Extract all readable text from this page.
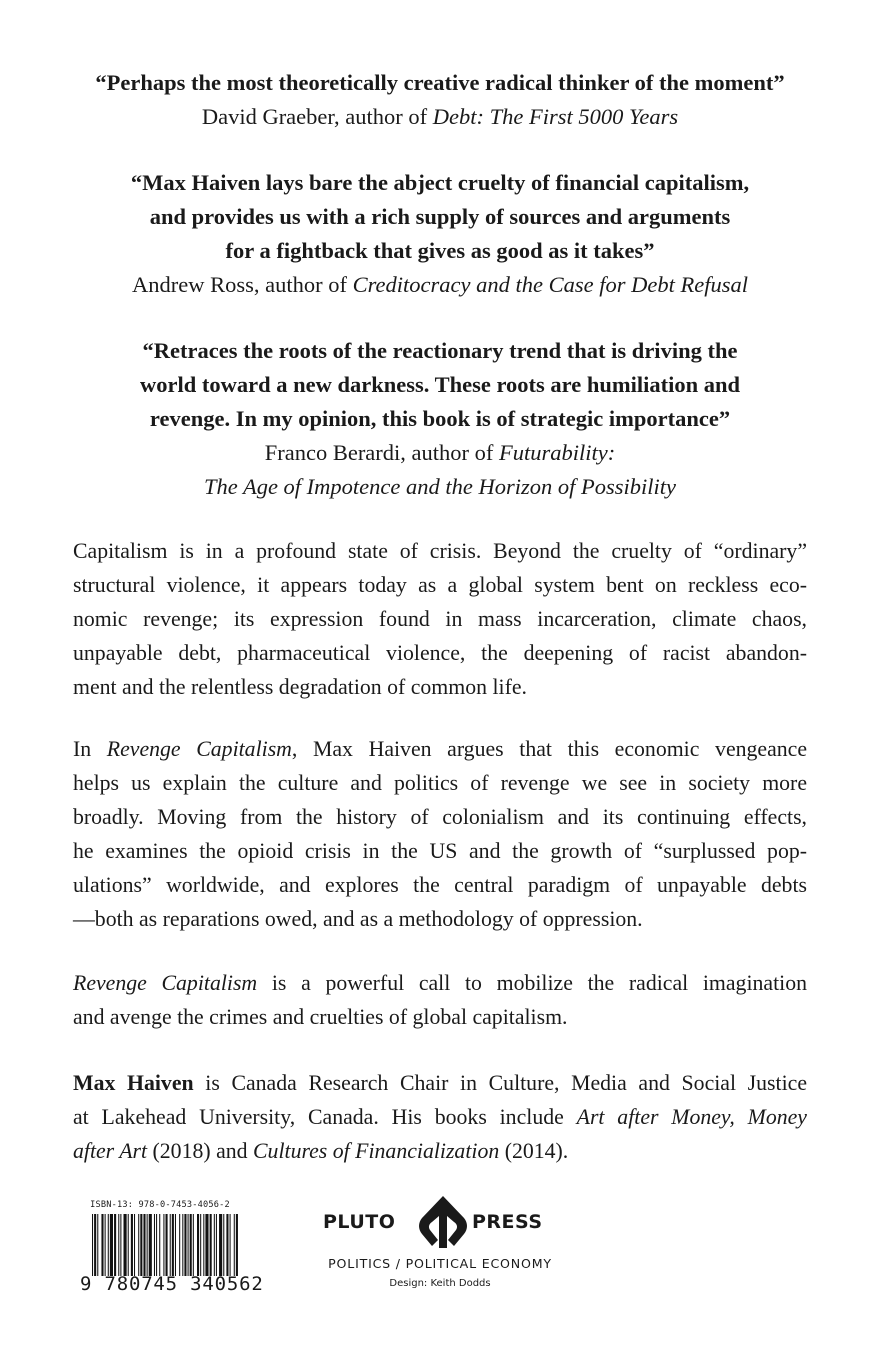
“Perhaps the most theoretically creative radical thinker of the moment”

David Graeber, author of Debt: The First 5000 Years

“Max Haiven lays bare the abject cruelty of financial capitalism,
and provides us with a rich supply of sources and arguments
for a fightback that gives as good as it takes”

Andrew Ross, author of Creditocracy and the Case for Debt Refusal

“Retraces the roots of the reactionary trend that is driving the
world toward a new darkness. These roots are humiliation and
revenge. In my opinion, this book is of strategic importance”

Franco Berardi, author of Futurability:
The Age of Impotence and the Horizon of Possibility

Capitalism is in a profound state of crisis. Beyond the cruelty of “ordinary”
structural violence, it appears today as a global system bent on reckless eco-
nomic revenge; its expression found in mass incarceration, climate chaos,
unpayable debt, pharmaceutical violence, the deepening of racist abandon-
ment and the relentless degradation of common life.
In Revenge Capitalism, Max Haiven argues that this economic vengeance
helps us explain the culture and politics of revenge we see in society more
broadly. Moving from the history of colonialism and its continuing effects,
he examines the opioid crisis in the US and the growth of “surplussed pop-
ulations” worldwide, and explores the central paradigm of unpayable debts
—both as reparations owed, and as a methodology of oppression.
Revenge Capitalism is a powerful call to mobilize the radical imagination
and avenge the crimes and cruelties of global capitalism.
Max Haiven is Canada Research Chair in Culture, Media and Social Justice
at Lakehead University, Canada. His books include Art after Money, Money
after Art (2018) and Cultures of Financialization (2014).
ISBN-13: 978-0-7453-4056-2
9 780745 340562
PLUTO	PRESS
POLITICS / POLITICAL ECONOMY
Design: Keith Dodds
